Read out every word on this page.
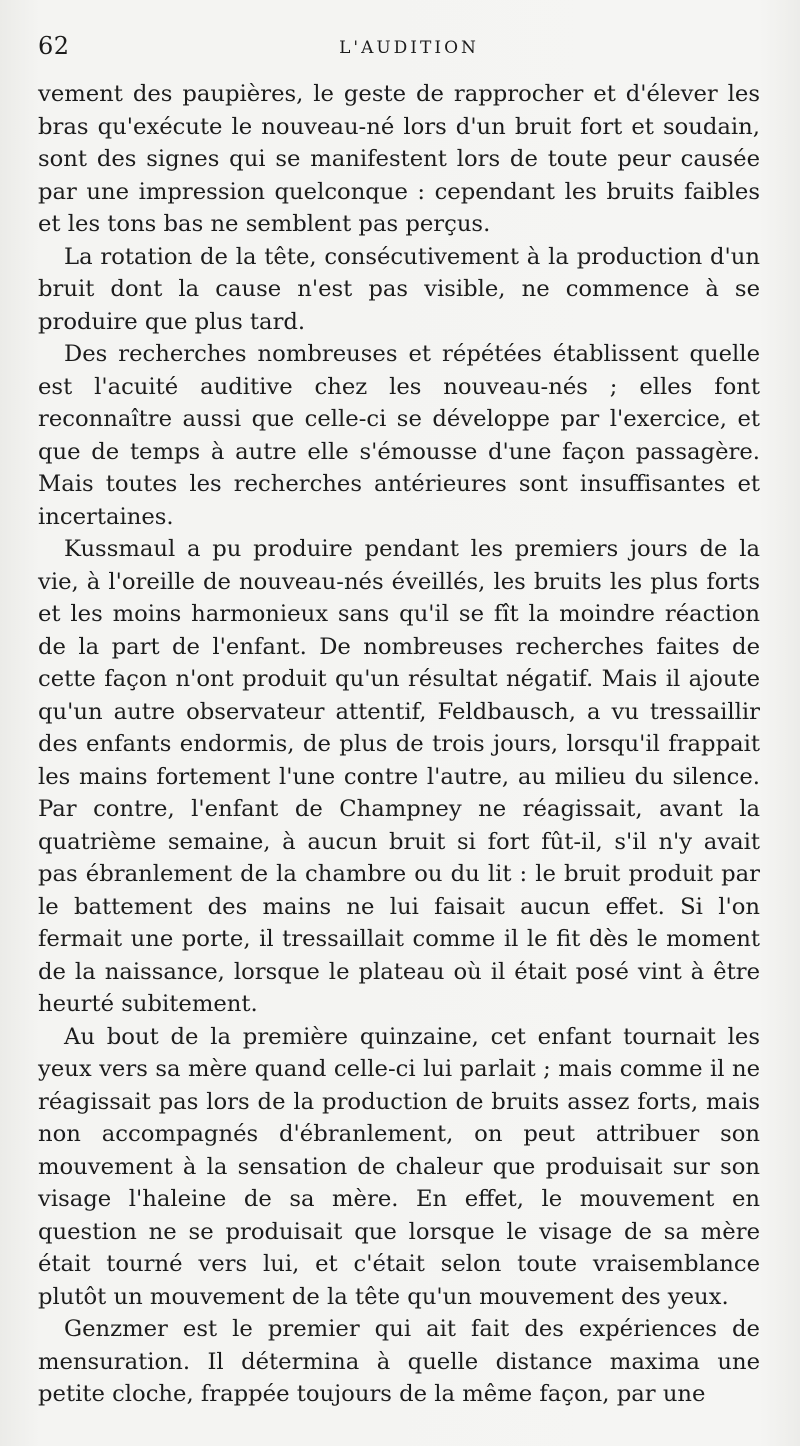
62	L'AUDITION

vement des paupières, le geste de rapprocher et d'élever les bras qu'exécute le nouveau-né lors d'un bruit fort et soudain, sont des signes qui se manifestent lors de toute peur causée par une impression quelconque : cependant les bruits faibles et les tons bas ne semblent pas perçus.

La rotation de la tête, consécutivement à la production d'un bruit dont la cause n'est pas visible, ne commence à se produire que plus tard.

Des recherches nombreuses et répétées établissent quelle est l'acuité auditive chez les nouveau-nés ; elles font reconnaître aussi que celle-ci se développe par l'exercice, et que de temps à autre elle s'émousse d'une façon passagère. Mais toutes les recherches antérieures sont insuffisantes et incertaines.

Kussmaul a pu produire pendant les premiers jours de la vie, à l'oreille de nouveau-nés éveillés, les bruits les plus forts et les moins harmonieux sans qu'il se fît la moindre réaction de la part de l'enfant. De nombreuses recherches faites de cette façon n'ont produit qu'un résultat négatif. Mais il ajoute qu'un autre observateur attentif, Feldbausch, a vu tressaillir des enfants endormis, de plus de trois jours, lorsqu'il frappait les mains fortement l'une contre l'autre, au milieu du silence. Par contre, l'enfant de Champney ne réagissait, avant la quatrième semaine, à aucun bruit si fort fût-il, s'il n'y avait pas ébranlement de la chambre ou du lit : le bruit produit par le battement des mains ne lui faisait aucun effet. Si l'on fermait une porte, il tressaillait comme il le fit dès le moment de la naissance, lorsque le plateau où il était posé vint à être heurté subitement.

Au bout de la première quinzaine, cet enfant tournait les yeux vers sa mère quand celle-ci lui parlait ; mais comme il ne réagissait pas lors de la production de bruits assez forts, mais non accompagnés d'ébranlement, on peut attribuer son mouvement à la sensation de chaleur que produisait sur son visage l'haleine de sa mère. En effet, le mouvement en question ne se produisait que lorsque le visage de sa mère était tourné vers lui, et c'était selon toute vraisemblance plutôt un mouvement de la tête qu'un mouvement des yeux.

Genzmer est le premier qui ait fait des expériences de mensuration. Il détermina à quelle distance maxima une petite cloche, frappée toujours de la même façon, par une
